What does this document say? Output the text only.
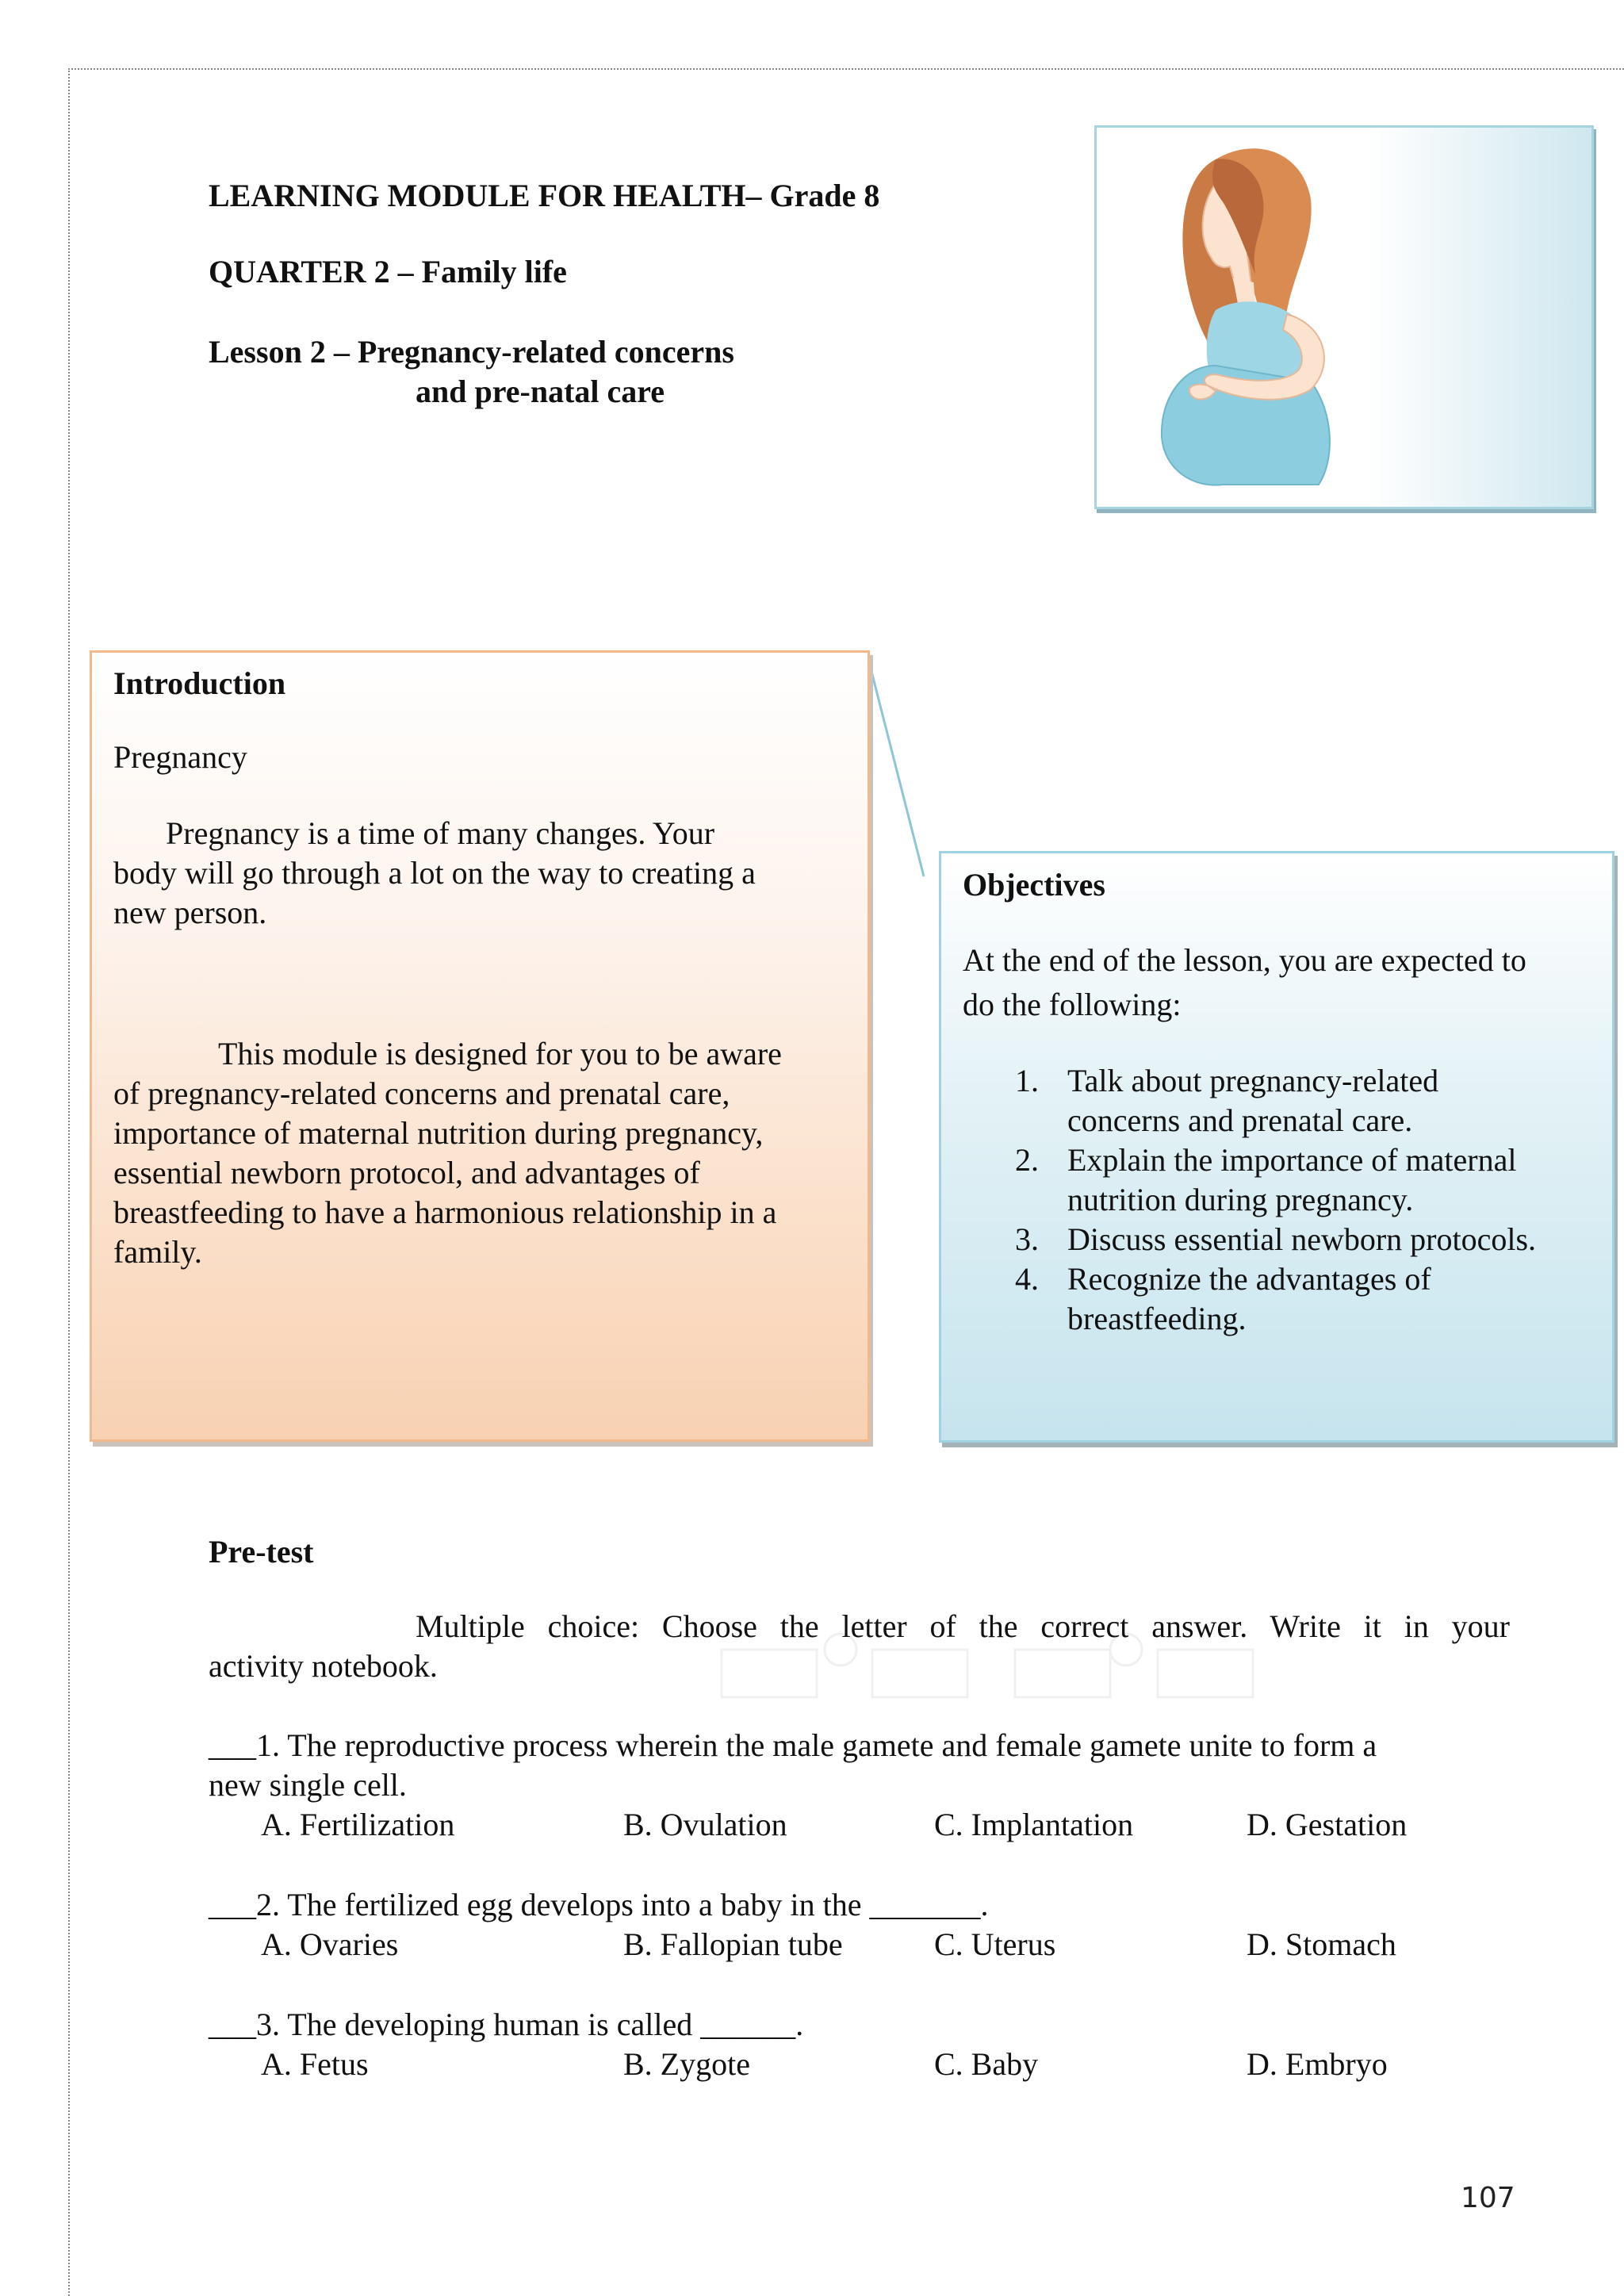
LEARNING MODULE FOR HEALTH– Grade 8
QUARTER 2 – Family life
Lesson 2 – Pregnancy-related concerns
and pre-natal care
Introduction
Pregnancy
Pregnancy is a time of many changes. Your
body will go through a lot on the way to creating a
new person.
This module is designed for you to be aware
of pregnancy-related concerns and prenatal care,
importance of maternal nutrition during pregnancy,
essential newborn protocol, and advantages of
breastfeeding to have a harmonious relationship in a
family.
Objectives
At the end of the lesson, you are expected to
do the following:
1. Talk about pregnancy-related
concerns and prenatal care.
2. Explain the importance of maternal
nutrition during pregnancy.
3. Discuss essential newborn protocols.
4. Recognize the advantages of
breastfeeding.
Pre-test
Multiple choice: Choose the letter of the correct answer. Write it in your
activity notebook.
___1. The reproductive process wherein the male gamete and female gamete unite to form a
new single cell.
A. Fertilization	B. Ovulation	C. Implantation	D. Gestation
___2. The fertilized egg develops into a baby in the _______.
A. Ovaries	B. Fallopian tube	C. Uterus	D. Stomach
___3. The developing human is called ______.
A. Fetus	B. Zygote	C. Baby	D. Embryo
107
